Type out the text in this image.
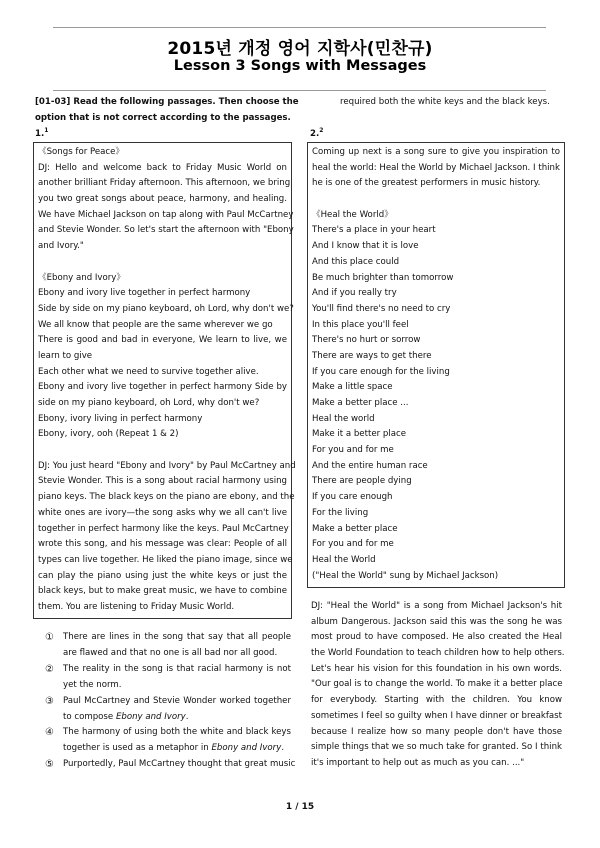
2015년 개정 영어 지학사(민찬규)
Lesson 3 Songs with Messages
[01-03] Read the following passages. Then choose the
option that is not correct according to the passages.
1.$^1$
《Songs for Peace》
DJ: Hello and welcome back to Friday Music World on
another brilliant Friday afternoon. This afternoon, we bring
you two great songs about peace, harmony, and healing.
We have Michael Jackson on tap along with Paul McCartney
and Stevie Wonder. So let's start the afternoon with "Ebony
and Ivory."
《Ebony and Ivory》
Ebony and ivory live together in perfect harmony
Side by side on my piano keyboard, oh Lord, why don't we?
We all know that people are the same wherever we go
There is good and bad in everyone, We learn to live, we
learn to give
Each other what we need to survive together alive.
Ebony and ivory live together in perfect harmony Side by
side on my piano keyboard, oh Lord, why don't we?
Ebony, ivory living in perfect harmony
Ebony, ivory, ooh (Repeat 1 & 2)
DJ: You just heard "Ebony and Ivory" by Paul McCartney and
Stevie Wonder. This is a song about racial harmony using
piano keys. The black keys on the piano are ebony, and the
white ones are ivory—the song asks why we all can't live
together in perfect harmony like the keys. Paul McCartney
wrote this song, and his message was clear: People of all
types can live together. He liked the piano image, since we
can play the piano using just the white keys or just the
black keys, but to make great music, we have to combine
them. You are listening to Friday Music World.
① There are lines in the song that say that all people
are flawed and that no one is all bad nor all good.
② The reality in the song is that racial harmony is not
yet the norm.
③ Paul McCartney and Stevie Wonder worked together
to compose Ebony and Ivory.
④ The harmony of using both the white and black keys
together is used as a metaphor in Ebony and Ivory.
⑤ Purportedly, Paul McCartney thought that great music
required both the white keys and the black keys.
2.$^2$
Coming up next is a song sure to give you inspiration to
heal the world: Heal the World by Michael Jackson. I think
he is one of the greatest performers in music history.
《Heal the World》
There's a place in your heart
And I know that it is love
And this place could
Be much brighter than tomorrow
And if you really try
You'll find there's no need to cry
In this place you'll feel
There's no hurt or sorrow
There are ways to get there
If you care enough for the living
Make a little space
Make a better place ...
Heal the world
Make it a better place
For you and for me
And the entire human race
There are people dying
If you care enough
For the living
Make a better place
For you and for me
Heal the World
("Heal the World" sung by Michael Jackson)
DJ: "Heal the World" is a song from Michael Jackson's hit
album Dangerous. Jackson said this was the song he was
most proud to have composed. He also created the Heal
the World Foundation to teach children how to help others.
Let's hear his vision for this foundation in his own words.
"Our goal is to change the world. To make it a better place
for everybody. Starting with the children. You know
sometimes I feel so guilty when I have dinner or breakfast
because I realize how so many people don't have those
simple things that we so much take for granted. So I think
it's important to help out as much as you can. ..."
1 / 15
